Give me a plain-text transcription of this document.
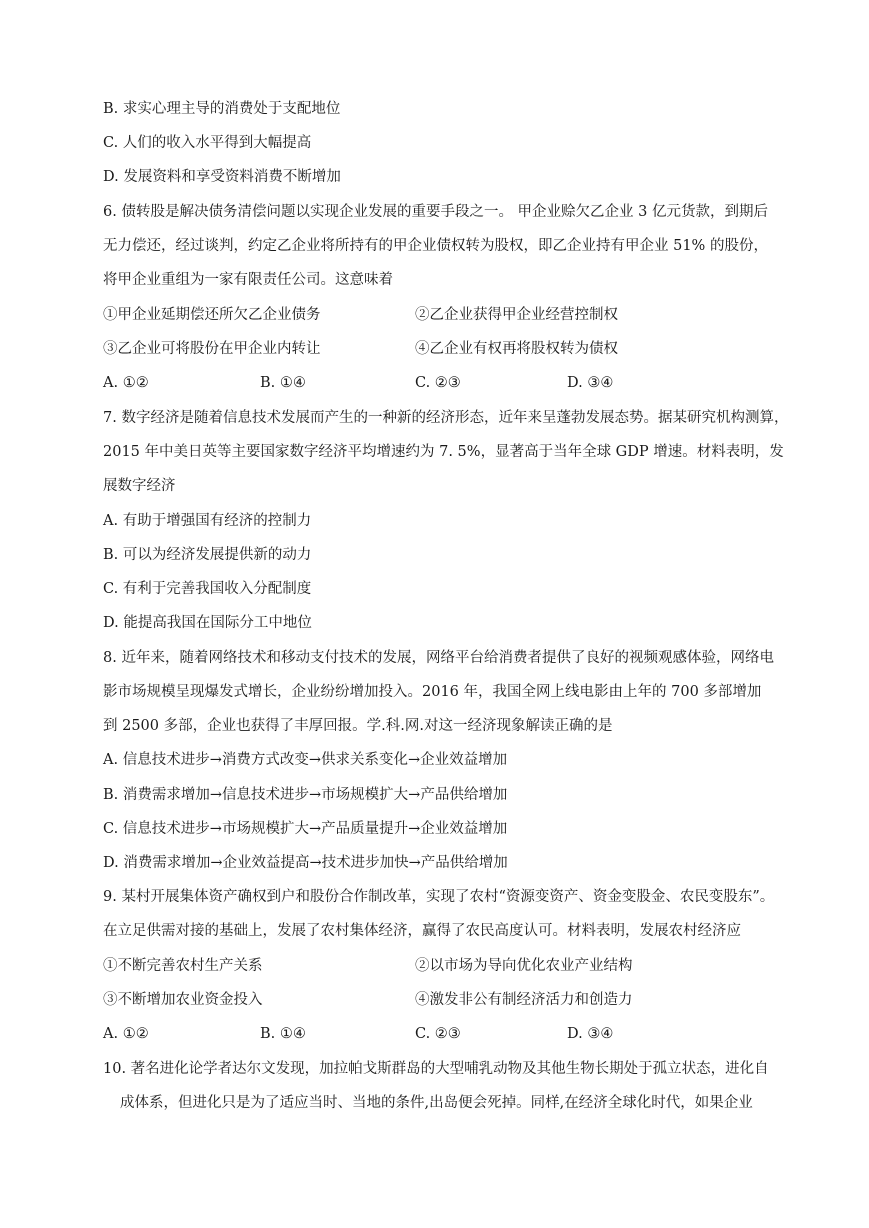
B. 求实心理主导的消费处于支配地位
C. 人们的收入水平得到大幅提高
D. 发展资料和享受资料消费不断增加
6. 债转股是解决债务清偿问题以实现企业发展的重要手段之一。 甲企业赊欠乙企业 3 亿元货款，到期后
无力偿还，经过谈判，约定乙企业将所持有的甲企业债权转为股权，即乙企业持有甲企业 51% 的股份，
将甲企业重组为一家有限责任公司。这意味着
①甲企业延期偿还所欠乙企业债务	②乙企业获得甲企业经营控制权
③乙企业可将股份在甲企业内转让	④乙企业有权再将股权转为债权
A. ①②	B. ①④	C. ②③	D. ③④
7. 数字经济是随着信息技术发展而产生的一种新的经济形态，近年来呈蓬勃发展态势。据某研究机构测算，
2015 年中美日英等主要国家数字经济平均增速约为 7. 5%，显著高于当年全球 GDP 增速。材料表明，发
展数字经济
A. 有助于增强国有经济的控制力
B. 可以为经济发展提供新的动力
C. 有利于完善我国收入分配制度
D. 能提高我国在国际分工中地位
8. 近年来，随着网络技术和移动支付技术的发展，网络平台给消费者提供了良好的视频观感体验，网络电
影市场规模呈现爆发式增长，企业纷纷增加投入。2016 年，我国全网上线电影由上年的 700 多部增加
到 2500 多部，企业也获得了丰厚回报。学.科.网.对这一经济现象解读正确的是
A. 信息技术进步→消费方式改变→供求关系变化→企业效益增加
B. 消费需求增加→信息技术进步→市场规模扩大→产品供给增加
C. 信息技术进步→市场规模扩大→产品质量提升→企业效益增加
D. 消费需求增加→企业效益提高→技术进步加快→产品供给增加
9. 某村开展集体资产确权到户和股份合作制改革，实现了农村“资源变资产、资金变股金、农民变股东”。
在立足供需对接的基础上，发展了农村集体经济，赢得了农民高度认可。材料表明，发展农村经济应
①不断完善农村生产关系	②以市场为导向优化农业产业结构
③不断增加农业资金投入	④激发非公有制经济活力和创造力
A. ①②	B. ①④	C. ②③	D. ③④
10. 著名进化论学者达尔文发现，加拉帕戈斯群岛的大型哺乳动物及其他生物长期处于孤立状态，进化自
成体系，但进化只是为了适应当时、当地的条件,出岛便会死掉。同样,在经济全球化时代，如果企业
